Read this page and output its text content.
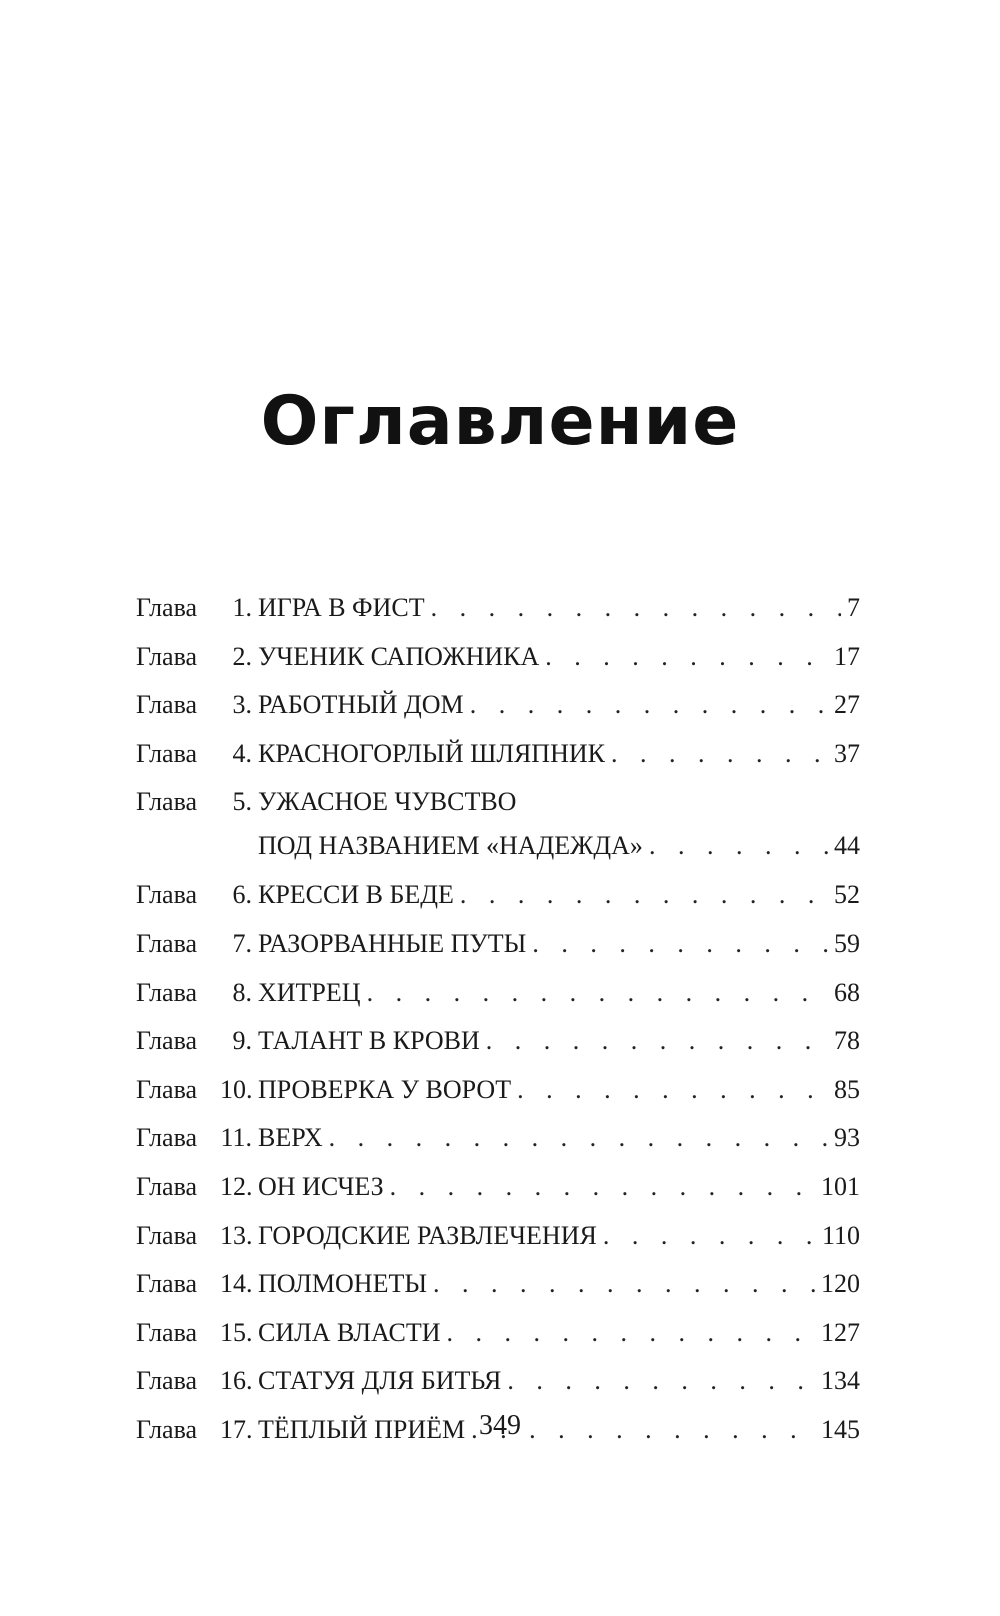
Оглавление
Глава	1. ИГРА В ФИСТ . . .	7
Глава	2. УЧЕНИК САПОЖНИКА . . .	17
Глава	3. РАБОТНЫЙ ДОМ . . .	27
Глава	4. КРАСНОГОРЛЫЙ ШЛЯПНИК . . .	37
Глава	5. УЖАСНОЕ ЧУВСТВО
ПОД НАЗВАНИЕМ «НАДЕЖДА» . . .	44
Глава	6. КРЕССИ В БЕДЕ . . .	52
Глава	7. РАЗОРВАННЫЕ ПУТЫ . . .	59
Глава	8. ХИТРЕЦ . . .	68
Глава	9. ТАЛАНТ В КРОВИ . . .	78
Глава 10. ПРОВЕРКА У ВОРОТ . . .	85
Глава 11. ВЕРХ . . .	93
Глава 12. ОН ИСЧЕЗ . . .	101
Глава 13. ГОРОДСКИЕ РАЗВЛЕЧЕНИЯ . . .	110
Глава 14. ПОЛМОНЕТЫ . . .	120
Глава 15. СИЛА ВЛАСТИ . . .	127
Глава 16. СТАТУЯ ДЛЯ БИТЬЯ . . .	134
Глава 17. ТЁПЛЫЙ ПРИЁМ . . .	145
349
